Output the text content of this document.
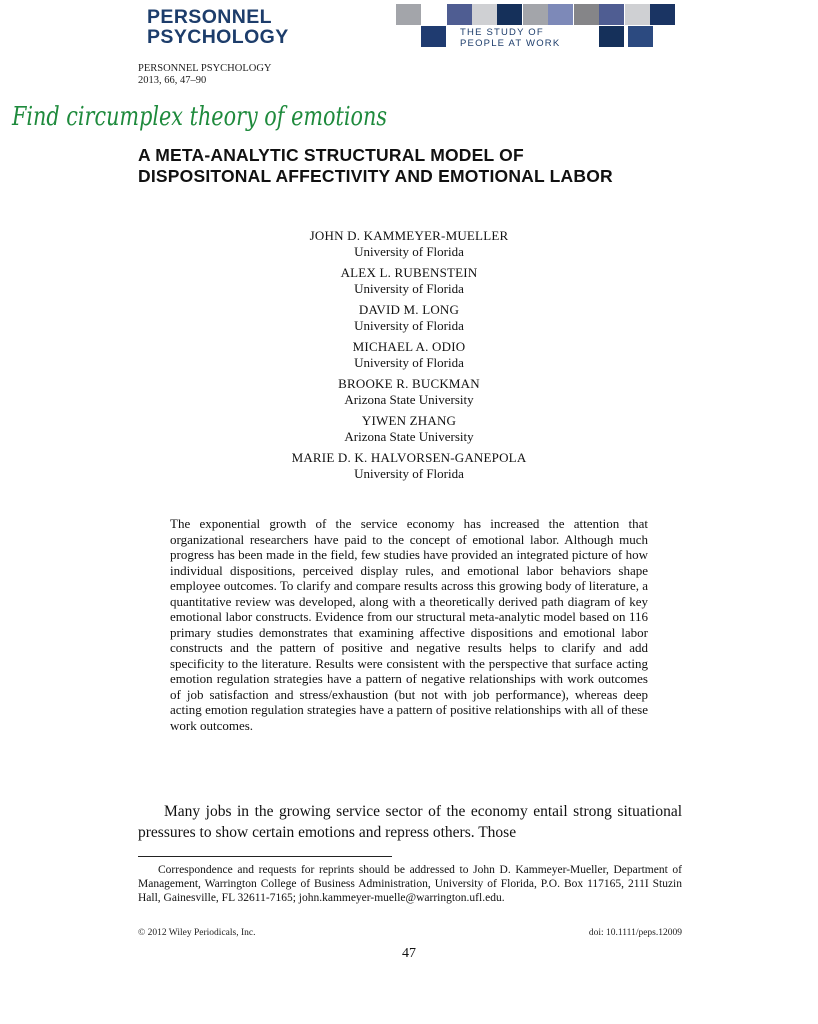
PERSONNEL
PSYCHOLOGY	THE STUDY OF
PEOPLE AT WORK
PERSONNEL PSYCHOLOGY
2013, 66, 47–90
Find circumplex theory of emotions
A META-ANALYTIC STRUCTURAL MODEL OF DISPOSITONAL AFFECTIVITY AND EMOTIONAL LABOR
JOHN D. KAMMEYER-MUELLER
University of Florida
ALEX L. RUBENSTEIN
University of Florida
DAVID M. LONG
University of Florida
MICHAEL A. ODIO
University of Florida
BROOKE R. BUCKMAN
Arizona State University
YIWEN ZHANG
Arizona State University
MARIE D. K. HALVORSEN-GANEPOLA
University of Florida

The exponential growth of the service economy has increased the attention that organizational researchers have paid to the concept of emotional labor. Although much progress has been made in the field, few studies have provided an integrated picture of how individual dispositions, perceived display rules, and emotional labor behaviors shape employee outcomes. To clarify and compare results across this growing body of literature, a quantitative review was developed, along with a theoretically derived path diagram of key emotional labor constructs. Evidence from our structural meta-analytic model based on 116 primary studies demonstrates that examining affective dispositions and emotional labor constructs and the pattern of positive and negative results helps to clarify and add specificity to the literature. Results were consistent with the perspective that surface acting emotion regulation strategies have a pattern of negative relationships with work outcomes of job satisfaction and stress/exhaustion (but not with job performance), whereas deep acting emotion regulation strategies have a pattern of positive relationships with all of these work outcomes.

Many jobs in the growing service sector of the economy entail strong situational pressures to show certain emotions and repress others. Those

Correspondence and requests for reprints should be addressed to John D. Kammeyer-Mueller, Department of Management, Warrington College of Business Administration, University of Florida, P.O. Box 117165, 211I Stuzin Hall, Gainesville, FL 32611-7165; john.kammeyer-muelle@warrington.ufl.edu.

© 2012 Wiley Periodicals, Inc.	doi: 10.1111/peps.12009
47
